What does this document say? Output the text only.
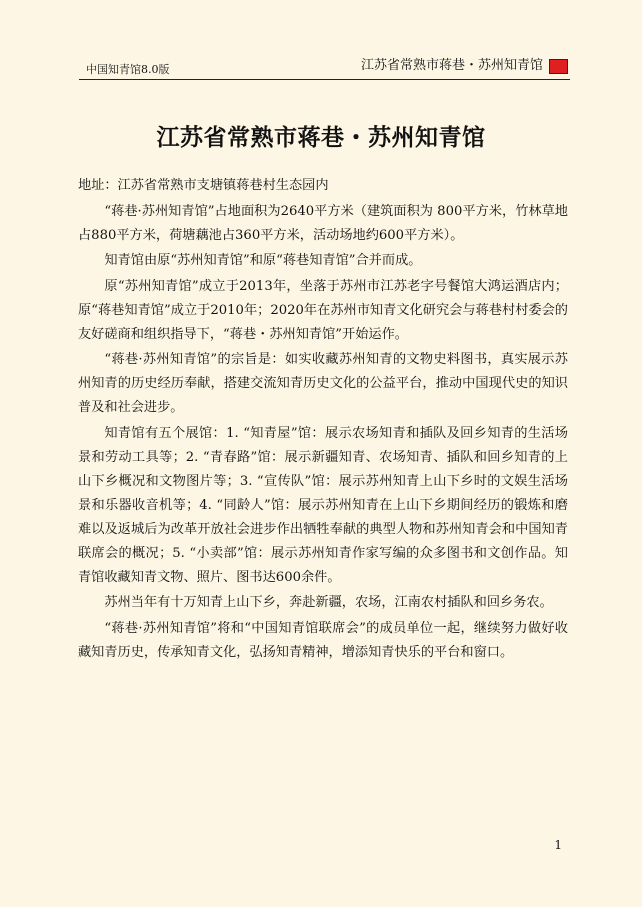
中国知青馆8.0版	江苏省常熟市蒋巷・苏州知青馆
江苏省常熟市蒋巷・苏州知青馆

地址：江苏省常熟市支塘镇蒋巷村生态园内

“蒋巷·苏州知青馆”占地面积为2640平方米（建筑面积为 800平方米，竹林草地占880平方米，荷塘藕池占360平方米，活动场地约600平方米）。

知青馆由原“苏州知青馆”和原“蒋巷知青馆”合并而成。

原“苏州知青馆”成立于2013年，坐落于苏州市江苏老字号餐馆大鸿运酒店内；原“蒋巷知青馆”成立于2010年；2020年在苏州市知青文化研究会与蒋巷村村委会的友好磋商和组织指导下，“蒋巷・苏州知青馆”开始运作。

“蒋巷·苏州知青馆”的宗旨是：如实收藏苏州知青的文物史料图书，真实展示苏州知青的历史经历奉献，搭建交流知青历史文化的公益平台，推动中国现代史的知识普及和社会进步。

知青馆有五个展馆：1. “知青屋”馆：展示农场知青和插队及回乡知青的生活场景和劳动工具等；2. “青春路”馆：展示新疆知青、农场知青、插队和回乡知青的上山下乡概况和文物图片等；3. “宣传队”馆：展示苏州知青上山下乡时的文娱生活场景和乐器收音机等；4. “同龄人”馆：展示苏州知青在上山下乡期间经历的锻炼和磨难以及返城后为改革开放社会进步作出牺牲奉献的典型人物和苏州知青会和中国知青联席会的概况；5. “小卖部”馆：展示苏州知青作家写编的众多图书和文创作品。知青馆收藏知青文物、照片、图书达600余件。

苏州当年有十万知青上山下乡，奔赴新疆，农场，江南农村插队和回乡务农。

“蒋巷·苏州知青馆”将和“中国知青馆联席会”的成员单位一起，继续努力做好收藏知青历史，传承知青文化，弘扬知青精神，增添知青快乐的平台和窗口。

1
